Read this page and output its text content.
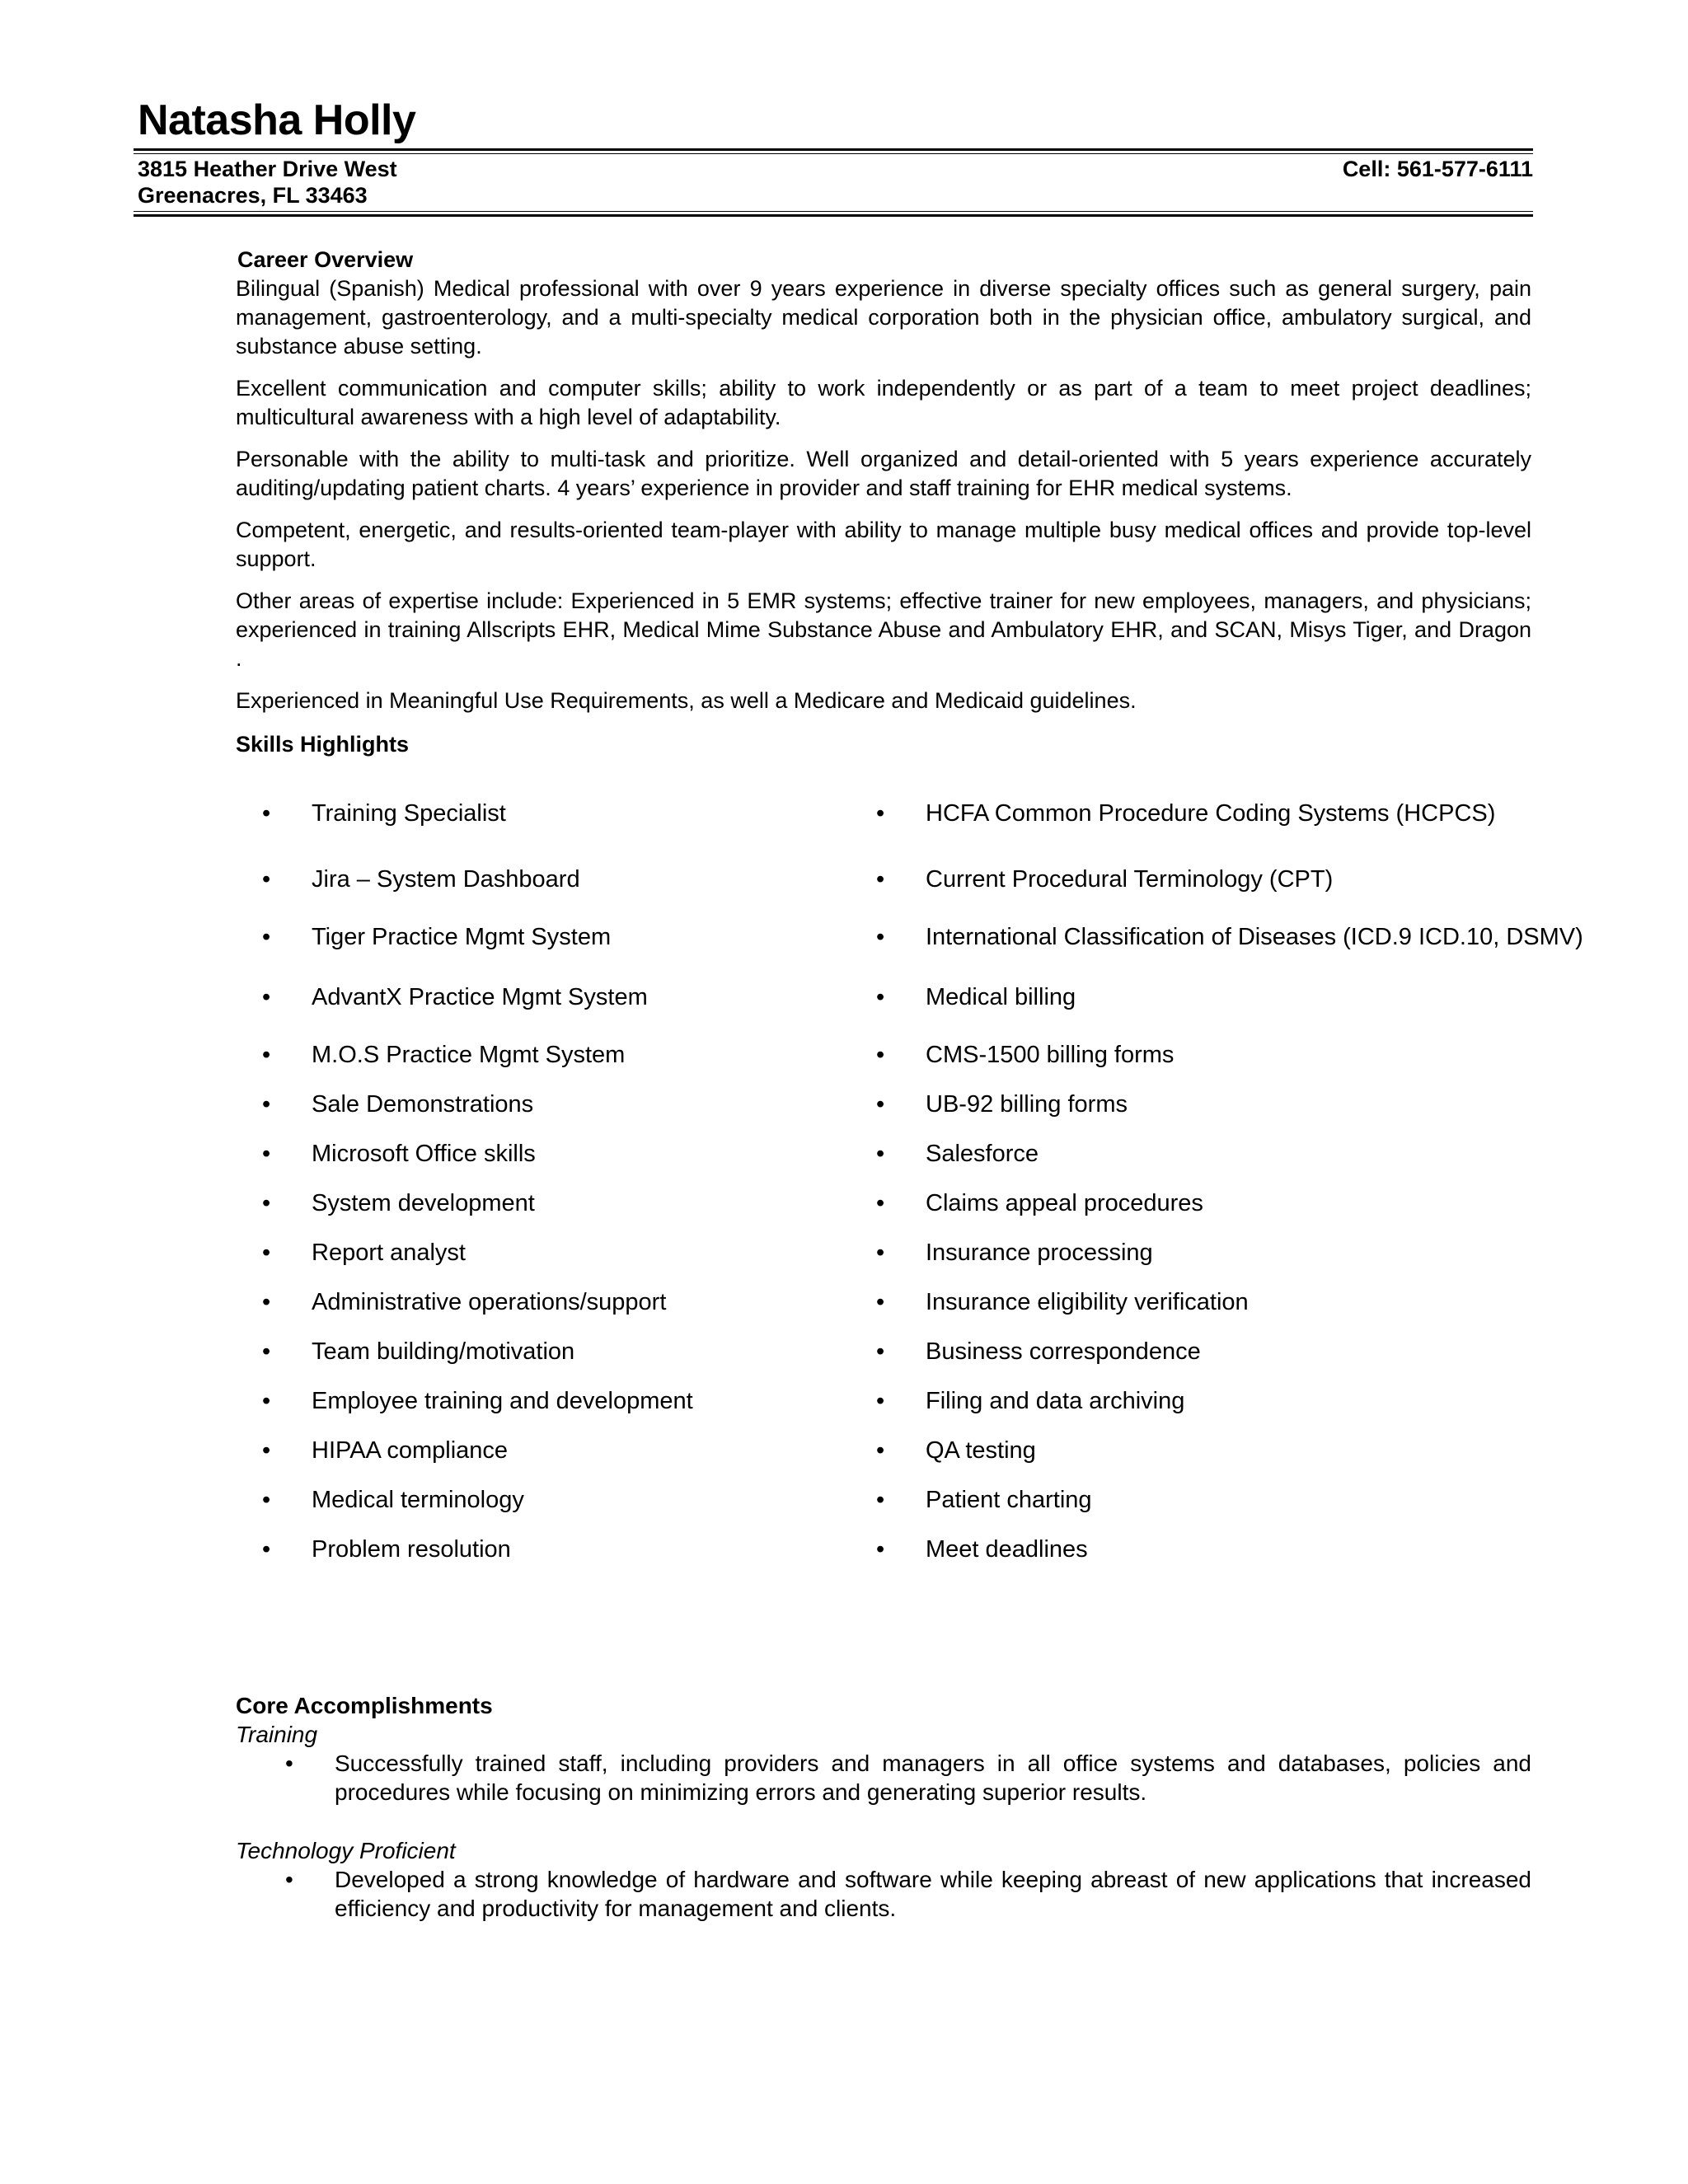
Natasha Holly
3815 Heather Drive West
Greenacres, FL 33463
Cell: 561-577-6111
Career Overview

Bilingual (Spanish) Medical professional with over 9 years experience in diverse specialty offices such as general surgery, pain management, gastroenterology, and a multi-specialty medical corporation both in the physician office, ambulatory surgical, and substance abuse setting.

Excellent communication and computer skills; ability to work independently or as part of a team to meet project deadlines; multicultural awareness with a high level of adaptability.

Personable with the ability to multi-task and prioritize. Well organized and detail-oriented with 5 years experience accurately auditing/updating patient charts. 4 years’ experience in provider and staff training for EHR medical systems.

Competent, energetic, and results-oriented team-player with ability to manage multiple busy medical offices and provide top-level support.

Other areas of expertise include: Experienced in 5 EMR systems; effective trainer for new employees, managers, and physicians; experienced in training Allscripts EHR, Medical Mime Substance Abuse and Ambulatory EHR, and SCAN, Misys Tiger, and Dragon .

Experienced in Meaningful Use Requirements, as well a Medicare and Medicaid guidelines.

Skills Highlights
• Training Specialist	• HCFA Common Procedure Coding Systems (HCPCS)
• Jira – System Dashboard	• Current Procedural Terminology (CPT)
• Tiger Practice Mgmt System	• International Classification of Diseases (ICD.9 ICD.10, DSMV)
• AdvantX Practice Mgmt System	• Medical billing
• M.O.S Practice Mgmt System	• CMS-1500 billing forms
• Sale Demonstrations	• UB-92 billing forms
• Microsoft Office skills	• Salesforce
• System development	• Claims appeal procedures
• Report analyst	• Insurance processing
• Administrative operations/support	• Insurance eligibility verification
• Team building/motivation	• Business correspondence
• Employee training and development	• Filing and data archiving
• HIPAA compliance	• QA testing
• Medical terminology	• Patient charting
• Problem resolution	• Meet deadlines
Core Accomplishments
Training
• Successfully trained staff, including providers and managers in all office systems and databases, policies and procedures while focusing on minimizing errors and generating superior results.
Technology Proficient
• Developed a strong knowledge of hardware and software while keeping abreast of new applications that increased efficiency and productivity for management and clients.
